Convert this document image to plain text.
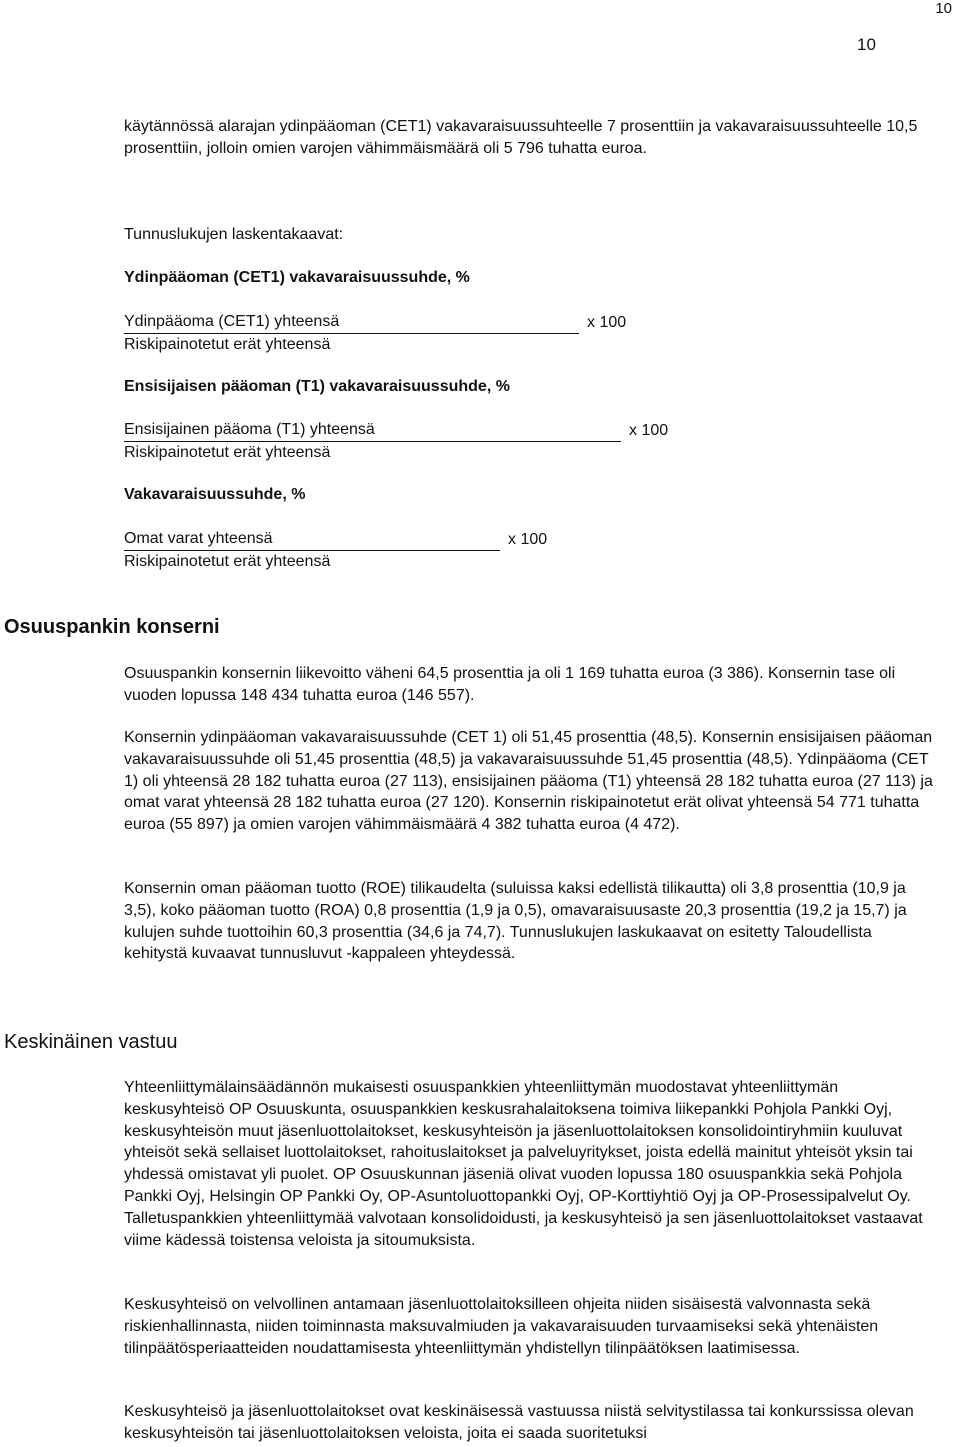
10
10

käytännössä alarajan ydinpääoman (CET1) vakavaraisuussuhteelle 7 prosenttiin ja vakavaraisuussuhteelle 10,5 prosenttiin, jolloin omien varojen vähimmäismäärä oli 5 796 tuhatta euroa.

Tunnuslukujen laskentakaavat:
Ydinpääoman (CET1) vakavaraisuussuhde, %
Ydinpääoma (CET1) yhteensä	x 100
Riskipainotetut erät yhteensä
Ensisijaisen pääoman (T1) vakavaraisuussuhde, %
Ensisijainen pääoma (T1) yhteensä	x 100
Riskipainotetut erät yhteensä
Vakavaraisuussuhde, %
Omat varat yhteensä	x 100
Riskipainotetut erät yhteensä
Osuuspankin konserni

Osuuspankin konsernin liikevoitto väheni 64,5 prosenttia ja oli 1 169 tuhatta euroa (3 386). Konsernin tase oli vuoden lopussa 148 434 tuhatta euroa (146 557).

Konsernin ydinpääoman vakavaraisuussuhde (CET 1) oli 51,45 prosenttia (48,5). Konsernin ensisijaisen pääoman vakavaraisuussuhde oli 51,45 prosenttia (48,5) ja vakavaraisuussuhde 51,45 prosenttia (48,5). Ydinpääoma (CET 1) oli yhteensä 28 182 tuhatta euroa (27 113), ensisijainen pääoma (T1) yhteensä 28 182 tuhatta euroa (27 113) ja omat varat yhteensä 28 182 tuhatta euroa (27 120). Konsernin riskipainotetut erät olivat yhteensä 54 771 tuhatta euroa (55 897) ja omien varojen vähimmäismäärä 4 382 tuhatta euroa (4 472).

Konsernin oman pääoman tuotto (ROE) tilikaudelta (suluissa kaksi edellistä tilikautta) oli 3,8 prosenttia (10,9 ja 3,5), koko pääoman tuotto (ROA) 0,8 prosenttia (1,9 ja 0,5), omavaraisuusaste 20,3 prosenttia (19,2 ja 15,7) ja kulujen suhde tuottoihin 60,3 prosenttia (34,6 ja 74,7). Tunnuslukujen laskukaavat on esitetty Taloudellista kehitystä kuvaavat tunnusluvut -kappaleen yhteydessä.

Keskinäinen vastuu

Yhteenliittymälainsäädännön mukaisesti osuuspankkien yhteenliittymän muodostavat yhteenliittymän keskusyhteisö OP Osuuskunta, osuuspankkien keskusrahalaitoksena toimiva liikepankki Pohjola Pankki Oyj, keskusyhteisön muut jäsenluottolaitokset, keskusyhteisön ja jäsenluottolaitoksen konsolidointiryhmiin kuuluvat yhteisöt sekä sellaiset luottolaitokset, rahoituslaitokset ja palveluyritykset, joista edellä mainitut yhteisöt yksin tai yhdessä omistavat yli puolet. OP Osuuskunnan jäseniä olivat vuoden lopussa 180 osuuspankkia sekä Pohjola Pankki Oyj, Helsingin OP Pankki Oy, OP-Asuntoluottopankki Oyj, OP-Korttiyhtiö Oyj ja OP-Prosessipalvelut Oy. Talletuspankkien yhteenliittymää valvotaan konsolidoidusti, ja keskusyhteisö ja sen jäsenluottolaitokset vastaavat viime kädessä toistensa veloista ja sitoumuksista.

Keskusyhteisö on velvollinen antamaan jäsenluottolaitoksilleen ohjeita niiden sisäisestä valvonnasta sekä riskienhallinnasta, niiden toiminnasta maksuvalmiuden ja vakavaraisuuden turvaamiseksi sekä yhtenäisten tilinpäätösperiaatteiden noudattamisesta yhteenliittymän yhdistellyn tilinpäätöksen laatimisessa.

Keskusyhteisö ja jäsenluottolaitokset ovat keskinäisessä vastuussa niistä selvitystilassa tai konkurssissa olevan keskusyhteisön tai jäsenluottolaitoksen veloista, joita ei saada suoritetuksi
